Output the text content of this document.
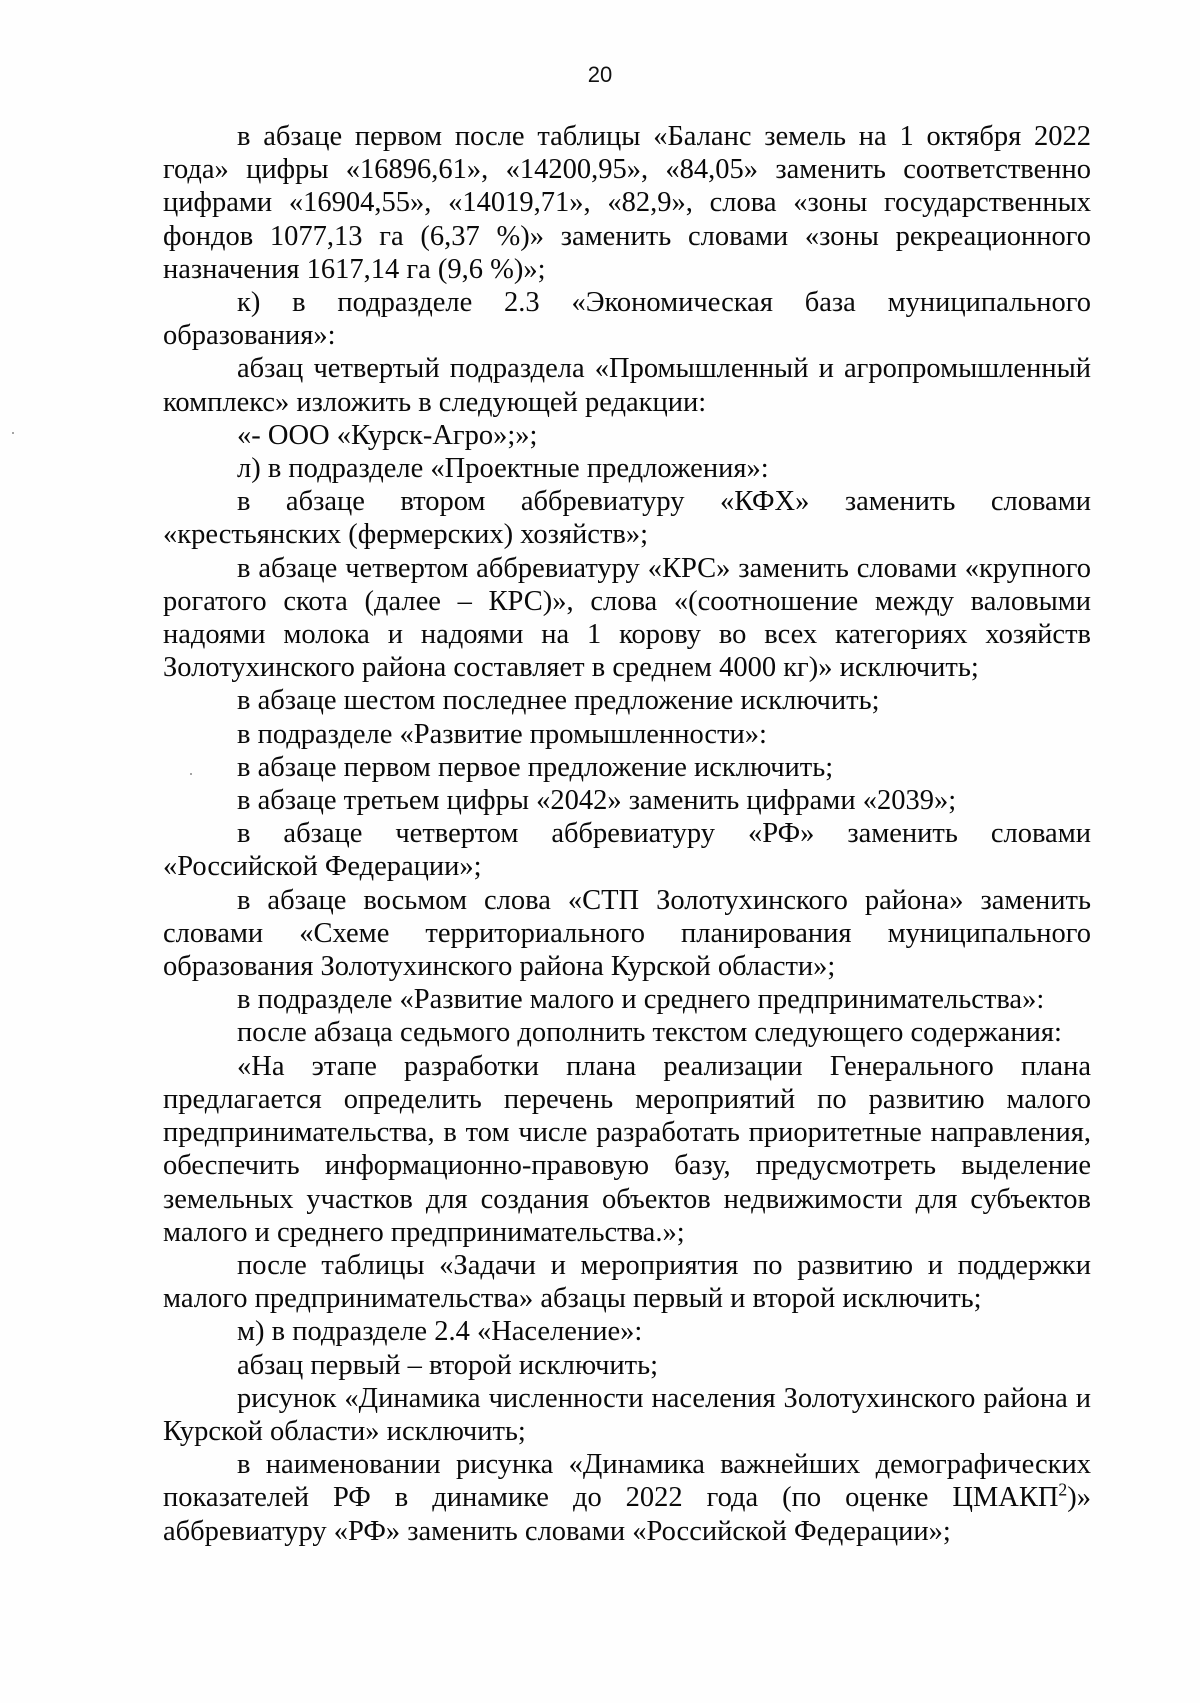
20

в абзаце первом после таблицы «Баланс земель на 1 октября 2022 года» цифры «16896,61», «14200,95», «84,05» заменить соответственно цифрами «16904,55», «14019,71», «82,9», слова «зоны государственных фондов 1077,13 га (6,37 %)» заменить словами «зоны рекреационного назначения 1617,14 га (9,6 %)»;

к) в подразделе 2.3 «Экономическая база муниципального образования»:

абзац четвертый подраздела «Промышленный и агропромышленный комплекс» изложить в следующей редакции:

«- ООО «Курск-Агро»;»;

л) в подразделе «Проектные предложения»:

в абзаце втором аббревиатуру «КФХ» заменить словами «крестьянских (фермерских) хозяйств»;

в абзаце четвертом аббревиатуру «КРС» заменить словами «крупного рогатого скота (далее – КРС)», слова «(соотношение между валовыми надоями молока и надоями на 1 корову во всех категориях хозяйств Золотухинского района составляет в среднем 4000 кг)» исключить;

в абзаце шестом последнее предложение исключить;

в подразделе «Развитие промышленности»:

в абзаце первом первое предложение исключить;

в абзаце третьем цифры «2042» заменить цифрами «2039»;

в абзаце четвертом аббревиатуру «РФ» заменить словами «Российской Федерации»;

в абзаце восьмом слова «СТП Золотухинского района» заменить словами «Схеме территориального планирования муниципального образования Золотухинского района Курской области»;

в подразделе «Развитие малого и среднего предпринимательства»:

после абзаца седьмого дополнить текстом следующего содержания:

«На этапе разработки плана реализации Генерального плана предлагается определить перечень мероприятий по развитию малого предпринимательства, в том числе разработать приоритетные направления, обеспечить информационно-правовую базу, предусмотреть выделение земельных участков для создания объектов недвижимости для субъектов малого и среднего предпринимательства.»;

после таблицы «Задачи и мероприятия по развитию и поддержки малого предпринимательства» абзацы первый и второй исключить;

м) в подразделе 2.4 «Население»:

абзац первый – второй исключить;

рисунок «Динамика численности населения Золотухинского района и Курской области» исключить;

в наименовании рисунка «Динамика важнейших демографических показателей РФ в динамике до 2022 года (по оценке ЦМАКП$^2$)» аббревиатуру «РФ» заменить словами «Российской Федерации»;
